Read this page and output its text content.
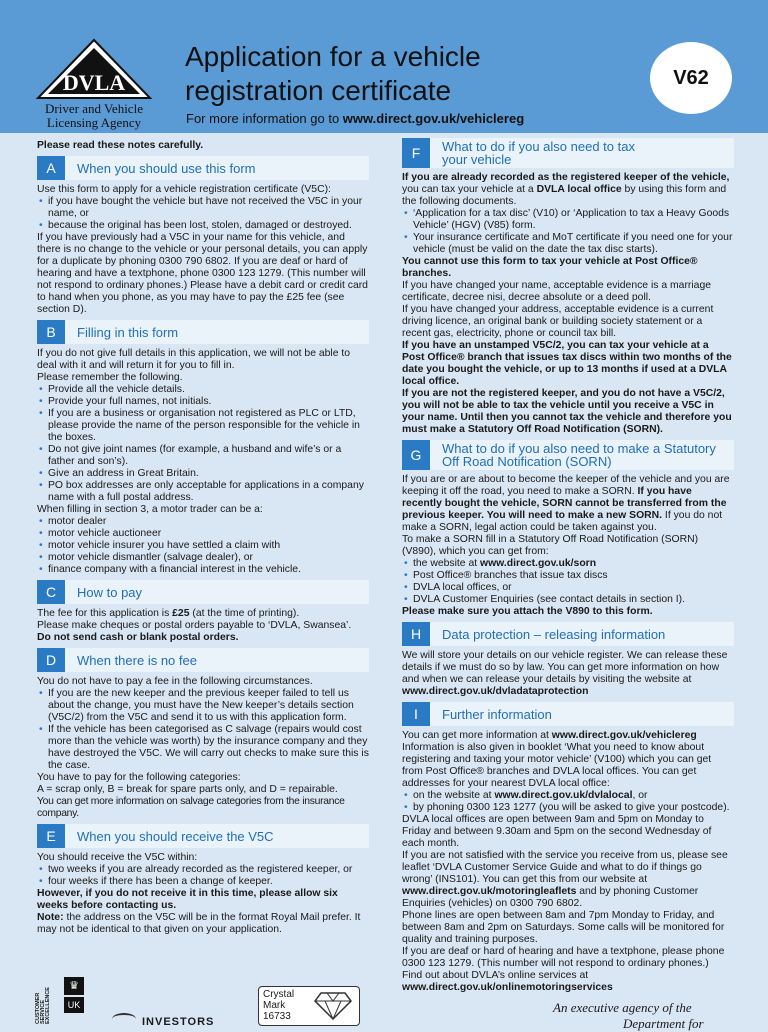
DVLA
Driver and Vehicle
Licensing Agency
Application for a vehicle
registration certificate
For more information go to www.direct.gov.uk/vehiclereg
V62

Please read these notes carefully.

A	When you should use this form

Use this form to apply for a vehicle registration certificate (V5C):

• if you have bought the vehicle but have not received the V5C in your name, or
• because the original has been lost, stolen, damaged or destroyed.

If you have previously had a V5C in your name for this vehicle, and there is no change to the vehicle or your personal details, you can apply for a duplicate by phoning 0300 790 6802. If you are deaf or hard of hearing and have a textphone, phone 0300 123 1279. (This number will not respond to ordinary phones.) Please have a debit card or credit card to hand when you phone, as you may have to pay the £25 fee (see section D).

B	Filling in this form

If you do not give full details in this application, we will not be able to deal with it and will return it for you to fill in.

Please remember the following.

• Provide all the vehicle details.
• Provide your full names, not initials.
• If you are a business or organisation not registered as PLC or LTD, please provide the name of the person responsible for the vehicle in the boxes.
• Do not give joint names (for example, a husband and wife’s or a father and son’s).
• Give an address in Great Britain.
• PO box addresses are only acceptable for applications in a company name with a full postal address.

When filling in section 3, a motor trader can be a:

• motor dealer
• motor vehicle auctioneer
• motor vehicle insurer you have settled a claim with
• motor vehicle dismantler (salvage dealer), or
• finance company with a financial interest in the vehicle.
C	How to pay

The fee for this application is £25 (at the time of printing).

Please make cheques or postal orders payable to ‘DVLA, Swansea’.

Do not send cash or blank postal orders.

D	When there is no fee

You do not have to pay a fee in the following circumstances.

• If you are the new keeper and the previous keeper failed to tell us about the change, you must have the New keeper’s details section (V5C/2) from the V5C and send it to us with this application form.
• If the vehicle has been categorised as C salvage (repairs would cost more than the vehicle was worth) by the insurance company and they have destroyed the V5C. We will carry out checks to make sure this is the case.

You have to pay for the following categories:

A = scrap only, B = break for spare parts only, and D = repairable.

You can get more information on salvage categories from the insurance company.

E	When you should receive the V5C

You should receive the V5C within:

• two weeks if you are already recorded as the registered keeper, or
• four weeks if there has been a change of keeper.

However, if you do not receive it in this time, please allow six weeks before contacting us.

Note: the address on the V5C will be in the format Royal Mail prefer. It may not be identical to that given on your application.

F	What to do if you also need to tax
your vehicle

If you are already recorded as the registered keeper of the vehicle, you can tax your vehicle at a DVLA local office by using this form and the following documents.

• ‘Application for a tax disc’ (V10) or ‘Application to tax a Heavy Goods Vehicle’ (HGV) (V85) form.
• Your insurance certificate and MoT certificate if you need one for your vehicle (must be valid on the date the tax disc starts).

You cannot use this form to tax your vehicle at Post Office® branches.

If you have changed your name, acceptable evidence is a marriage certificate, decree nisi, decree absolute or a deed poll.

If you have changed your address, acceptable evidence is a current driving licence, an original bank or building society statement or a recent gas, electricity, phone or council tax bill.

If you have an unstamped V5C/2, you can tax your vehicle at a Post Office® branch that issues tax discs within two months of the date you bought the vehicle, or up to 13 months if used at a DVLA local office.

If you are not the registered keeper, and you do not have a V5C/2, you will not be able to tax the vehicle until you receive a V5C in your name. Until then you cannot tax the vehicle and therefore you must make a Statutory Off Road Notification (SORN).

G	What to do if you also need to make a Statutory
Off Road Notification (SORN)

If you are or are about to become the keeper of the vehicle and you are keeping it off the road, you need to make a SORN. If you have recently bought the vehicle, SORN cannot be transferred from the previous keeper. You will need to make a new SORN. If you do not make a SORN, legal action could be taken against you.

To make a SORN fill in a Statutory Off Road Notification (SORN) (V890), which you can get from:

• the website at www.direct.gov.uk/sorn
• Post Office® branches that issue tax discs
• DVLA local offices, or
• DVLA Customer Enquiries (see contact details in section I).

Please make sure you attach the V890 to this form.

H	Data protection – releasing information

We will store your details on our vehicle register. We can release these details if we must do so by law. You can get more information on how and when we can release your details by visiting the website at

www.direct.gov.uk/dvladataprotection

I	Further information

You can get more information at www.direct.gov.uk/vehiclereg Information is also given in booklet ‘What you need to know about registering and taxing your motor vehicle’ (V100) which you can get from Post Office® branches and DVLA local offices. You can get addresses for your nearest DVLA local office:

• on the website at www.direct.gov.uk/dvlalocal, or
• by phoning 0300 123 1277 (you will be asked to give your postcode).

DVLA local offices are open between 9am and 5pm on Monday to Friday and between 9.30am and 5pm on the second Wednesday of each month.

If you are not satisfied with the service you receive from us, please see leaflet ‘DVLA Customer Service Guide and what to do if things go wrong’ (INS101). You can get this from our website at www.direct.gov.uk/motoringleaflets and by phoning Customer Enquiries (vehicles) on 0300 790 6802.

Phone lines are open between 8am and 7pm Monday to Friday, and between 8am and 2pm on Saturdays. Some calls will be monitored for quality and training purposes.

If you are deaf or hard of hearing and have a textphone, please phone 0300 123 1279. (This number will not respond to ordinary phones.)

Find out about DVLA’s online services at

www.direct.gov.uk/onlinemotoringservices

CUSTOMER SERVICE EXCELLENCE
♛
UK
INVESTORS
Crystal
Mark
16733
An executive agency of the
Department for
